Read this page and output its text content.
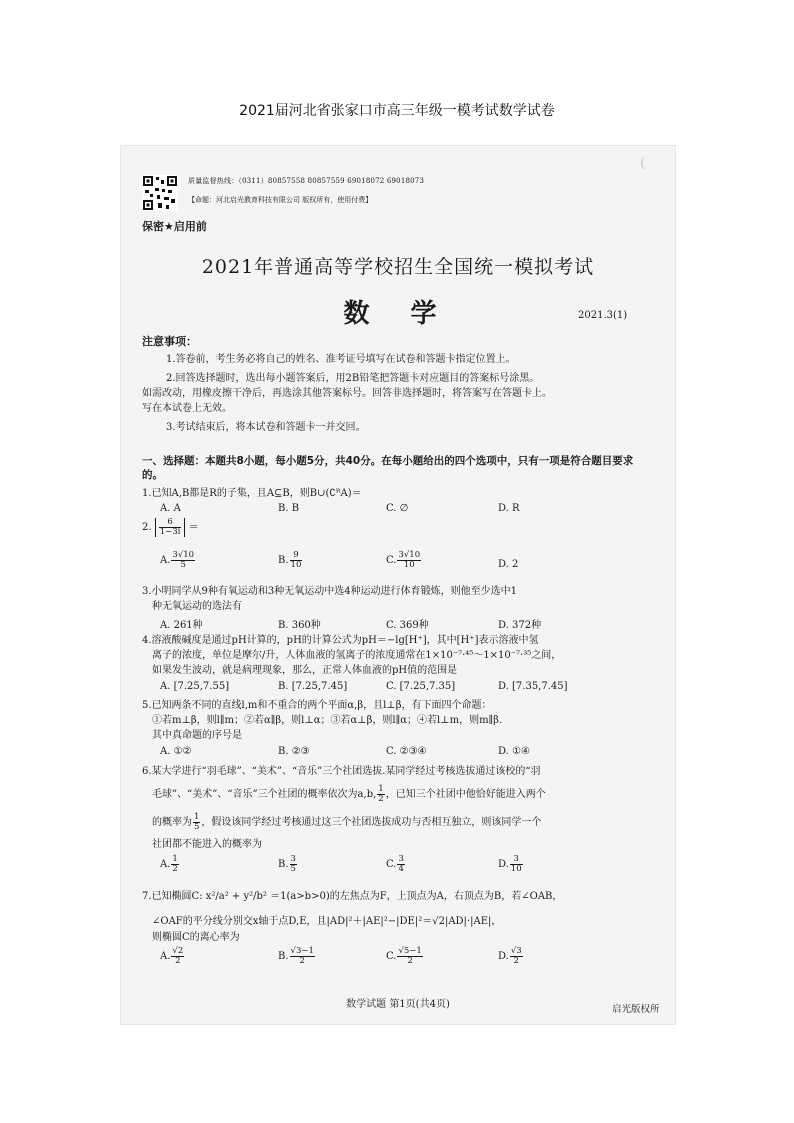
2021届河北省张家口市高三年级一模考试数学试卷
(
质量监督热线：（0311）80857558 80857559 69018072 69018073
【命题：河北启光教育科技有限公司 版权所有，使用付费】
保密★启用前
2021年普通高等学校招生全国统一模拟考试
数 学	2021.3(1)
注意事项：
1.答卷前，考生务必将自己的姓名、准考证号填写在试卷和答题卡指定位置上。
2.回答选择题时，选出每小题答案后，用2B铅笔把答题卡对应题目的答案标号涂黑。
如需改动，用橡皮擦干净后，再选涂其他答案标号。回答非选择题时，将答案写在答题卡上。
写在本试卷上无效。
3.考试结束后，将本试卷和答题卡一并交回。
一、选择题：本题共8小题，每小题5分，共40分。在每小题给出的四个选项中，只有一项是符合题目要求的。
1.已知A,B都是R的子集，且A⊆B，则B∪(∁ᴿA)＝
A. A	B. B	C. ∅	D. R
2. $\frac{6}{1-3i}$ ＝
A. $\frac{3√10}{5}$	B. $\frac{9}{10}$	C. $\frac{3√10}{10}$	D. 2
3.小明同学从9种有氧运动和3种无氧运动中选4种运动进行体育锻炼，则他至少选中1
种无氧运动的选法有
A. 261种	B. 360种	C. 369种	D. 372种
4.溶液酸碱度是通过pH计算的，pH的计算公式为pH＝−lg[H⁺]，其中[H⁺]表示溶液中氢
离子的浓度，单位是摩尔/升，人体血液的氢离子的浓度通常在1×10⁻⁷·⁴⁵～1×10⁻⁷·³⁵之间，
如果发生波动，就是病理现象，那么，正常人体血液的pH值的范围是
A. [7.25,7.55]	B. [7.25,7.45]	C. [7.25,7.35]	D. [7.35,7.45]
5.已知两条不同的直线l,m和不重合的两个平面α,β，且l⊥β，有下面四个命题：
①若m⊥β，则l∥m；②若α∥β，则l⊥α；③若α⊥β，则l∥α；④若l⊥m，则m∥β.
其中真命题的序号是
A. ①②	B. ②③	C. ②③④	D. ①④
6.某大学进行“羽毛球”、“美术”、“音乐”三个社团选拔.某同学经过考核选拔通过该校的“羽
毛球”、“美术”、“音乐”三个社团的概率依次为a,b, $\frac{1}{2}$ ，已知三个社团中他恰好能进入两个
的概率为 $\frac{1}{5}$ ，假设该同学经过考核通过这三个社团选拔成功与否相互独立，则该同学一个
社团都不能进入的概率为
A. $\frac{1}{2}$	B. $\frac{3}{5}$	C. $\frac{3}{4}$	D. $\frac{3}{10}$
7.已知椭圆C: x²/a² + y²/b² ＝1(a>b>0)的左焦点为F，上顶点为A，右顶点为B，若∠OAB，
∠OAF的平分线分别交x轴于点D,E，且|AD|²＋|AE|²−|DE|²＝√2|AD|·|AE|，
则椭圆C的离心率为
A. $\frac{√2}{2}$	B. $\frac{√3-1}{2}$	C. $\frac{√5-1}{2}$	D. $\frac{√3}{2}$
数学试题 第1页(共4页)	启光版权所
